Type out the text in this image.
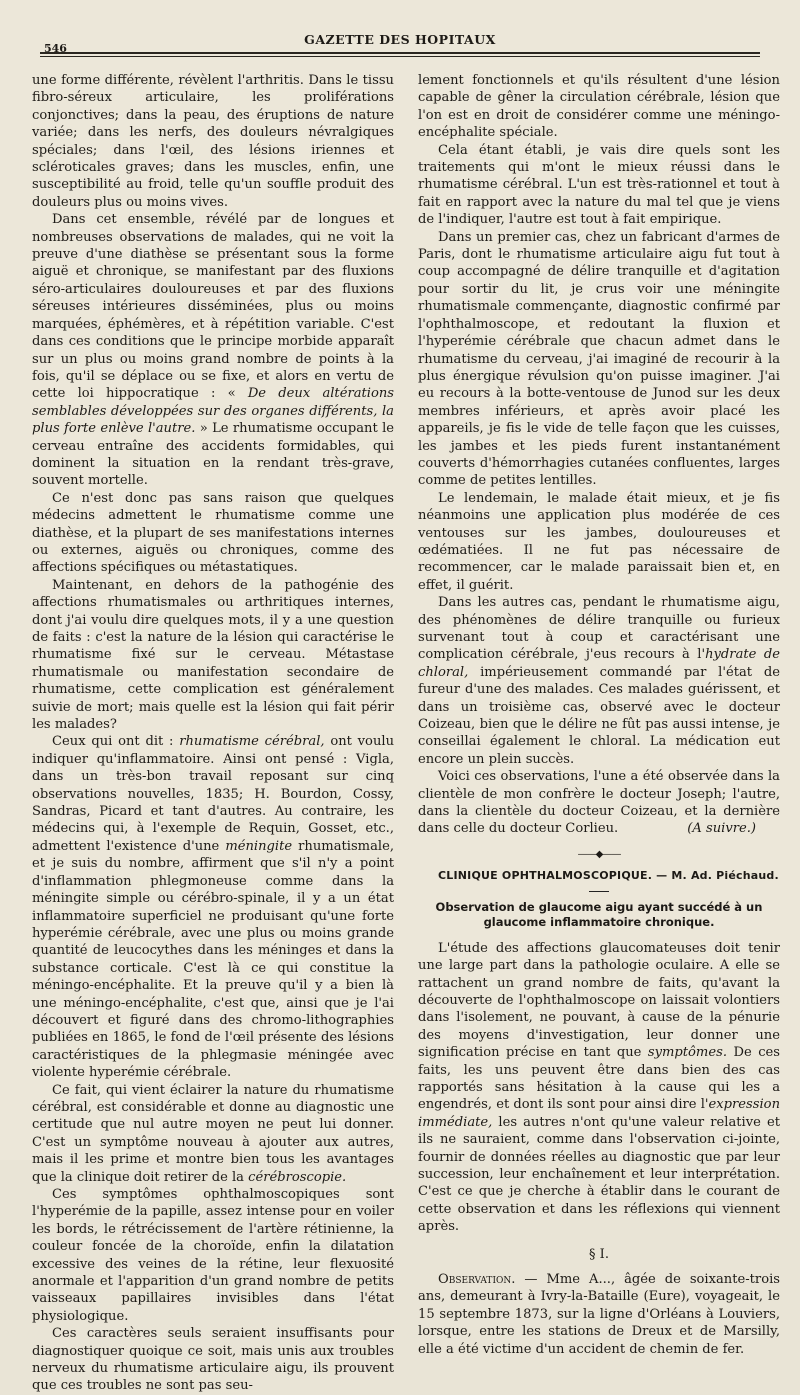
546
GAZETTE DES HOPITAUX

une forme différente, révèlent l'arthritis. Dans le tissu fibro-séreux articulaire, les proliférations conjonctives; dans la peau, des éruptions de nature variée; dans les nerfs, des douleurs névralgiques spéciales; dans l'œil, des lésions iriennes et scléroticales graves; dans les muscles, enfin, une susceptibilité au froid, telle qu'un souffle produit des douleurs plus ou moins vives.

Dans cet ensemble, révélé par de longues et nombreuses observations de malades, qui ne voit la preuve d'une diathèse se présentant sous la forme aiguë et chronique, se manifestant par des fluxions séro-articulaires douloureuses et par des fluxions séreuses intérieures disséminées, plus ou moins marquées, éphémères, et à répétition variable. C'est dans ces conditions que le principe morbide apparaît sur un plus ou moins grand nombre de points à la fois, qu'il se déplace ou se fixe, et alors en vertu de cette loi hippocratique : « De deux altérations semblables développées sur des organes différents, la plus forte enlève l'autre. » Le rhumatisme occupant le cerveau entraîne des accidents formidables, qui dominent la situation en la rendant très-grave, souvent mortelle.

Ce n'est donc pas sans raison que quelques médecins admettent le rhumatisme comme une diathèse, et la plupart de ses manifestations internes ou externes, aiguës ou chroniques, comme des affections spécifiques ou métastatiques.

Maintenant, en dehors de la pathogénie des affections rhumatismales ou arthritiques internes, dont j'ai voulu dire quelques mots, il y a une question de faits : c'est la nature de la lésion qui caractérise le rhumatisme fixé sur le cerveau. Métastase rhumatismale ou manifestation secondaire de rhumatisme, cette complication est généralement suivie de mort; mais quelle est la lésion qui fait périr les malades?

Ceux qui ont dit : rhumatisme cérébral, ont voulu indiquer qu'inflammatoire. Ainsi ont pensé : Vigla, dans un très-bon travail reposant sur cinq observations nouvelles, 1835; H. Bourdon, Cossy, Sandras, Picard et tant d'autres. Au contraire, les médecins qui, à l'exemple de Requin, Gosset, etc., admettent l'existence d'une méningite rhumatismale, et je suis du nombre, affirment que s'il n'y a point d'inflammation phlegmoneuse comme dans la méningite simple ou cérébro-spinale, il y a un état inflammatoire superficiel ne produisant qu'une forte hyperémie cérébrale, avec une plus ou moins grande quantité de leucocythes dans les méninges et dans la substance corticale. C'est là ce qui constitue la méningo-encéphalite. Et la preuve qu'il y a bien là une méningo-encéphalite, c'est que, ainsi que je l'ai découvert et figuré dans des chromo-lithographies publiées en 1865, le fond de l'œil présente des lésions caractéristiques de la phlegmasie méningée avec violente hyperémie cérébrale.

Ce fait, qui vient éclairer la nature du rhumatisme cérébral, est considérable et donne au diagnostic une certitude que nul autre moyen ne peut lui donner. C'est un symptôme nouveau à ajouter aux autres, mais il les prime et montre bien tous les avantages que la clinique doit retirer de la cérébroscopie.

Ces symptômes ophthalmoscopiques sont l'hyperémie de la papille, assez intense pour en voiler les bords, le rétrécissement de l'artère rétinienne, la couleur foncée de la choroïde, enfin la dilatation excessive des veines de la rétine, leur flexuosité anormale et l'apparition d'un grand nombre de petits vaisseaux papillaires invisibles dans l'état physiologique.

Ces caractères seuls seraient insuffisants pour diagnostiquer quoique ce soit, mais unis aux troubles nerveux du rhumatisme articulaire aigu, ils prouvent que ces troubles ne sont pas seu-

lement fonctionnels et qu'ils résultent d'une lésion capable de gêner la circulation cérébrale, lésion que l'on est en droit de considérer comme une méningo-encéphalite spéciale.

Cela étant établi, je vais dire quels sont les traitements qui m'ont le mieux réussi dans le rhumatisme cérébral. L'un est très-rationnel et tout à fait en rapport avec la nature du mal tel que je viens de l'indiquer, l'autre est tout à fait empirique.

Dans un premier cas, chez un fabricant d'armes de Paris, dont le rhumatisme articulaire aigu fut tout à coup accompagné de délire tranquille et d'agitation pour sortir du lit, je crus voir une méningite rhumatismale commençante, diagnostic confirmé par l'ophthalmoscope, et redoutant la fluxion et l'hyperémie cérébrale que chacun admet dans le rhumatisme du cerveau, j'ai imaginé de recourir à la plus énergique révulsion qu'on puisse imaginer. J'ai eu recours à la botte-ventouse de Junod sur les deux membres inférieurs, et après avoir placé les appareils, je fis le vide de telle façon que les cuisses, les jambes et les pieds furent instantanément couverts d'hémorrhagies cutanées confluentes, larges comme de petites lentilles.

Le lendemain, le malade était mieux, et je fis néanmoins une application plus modérée de ces ventouses sur les jambes, douloureuses et œdématiées. Il ne fut pas nécessaire de recommencer, car le malade paraissait bien et, en effet, il guérit.

Dans les autres cas, pendant le rhumatisme aigu, des phénomènes de délire tranquille ou furieux survenant tout à coup et caractérisant une complication cérébrale, j'eus recours à l'hydrate de chloral, impérieusement commandé par l'état de fureur d'une des malades. Ces malades guérissent, et dans un troisième cas, observé avec le docteur Coizeau, bien que le délire ne fût pas aussi intense, je conseillai également le chloral. La médication eut encore un plein succès.

Voici ces observations, l'une a été observée dans la clientèle de mon confrère le docteur Joseph; l'autre, dans la clientèle du docteur Coizeau, et la dernière dans celle du docteur Corlieu.	(A suivre.)

——◆——

CLINIQUE OPHTHALMOSCOPIQUE. — M. Ad. Piéchaud.

Observation de glaucome aigu ayant succédé à un glaucome inflammatoire chronique.

L'étude des affections glaucomateuses doit tenir une large part dans la pathologie oculaire. A elle se rattachent un grand nombre de faits, qu'avant la découverte de l'ophthalmoscope on laissait volontiers dans l'isolement, ne pouvant, à cause de la pénurie des moyens d'investigation, leur donner une signification précise en tant que symptômes. De ces faits, les uns peuvent être dans bien des cas rapportés sans hésitation à la cause qui les a engendrés, et dont ils sont pour ainsi dire l'expression immédiate, les autres n'ont qu'une valeur relative et ils ne sauraient, comme dans l'observation ci-jointe, fournir de données réelles au diagnostic que par leur succession, leur enchaînement et leur interprétation. C'est ce que je cherche à établir dans le courant de cette observation et dans les réflexions qui viennent après.

§ I.

Observation. — Mme A..., âgée de soixante-trois ans, demeurant à Ivry-la-Bataille (Eure), voyageait, le 15 septembre 1873, sur la ligne d'Orléans à Louviers, lorsque, entre les stations de Dreux et de Marsilly, elle a été victime d'un accident de chemin de fer.
